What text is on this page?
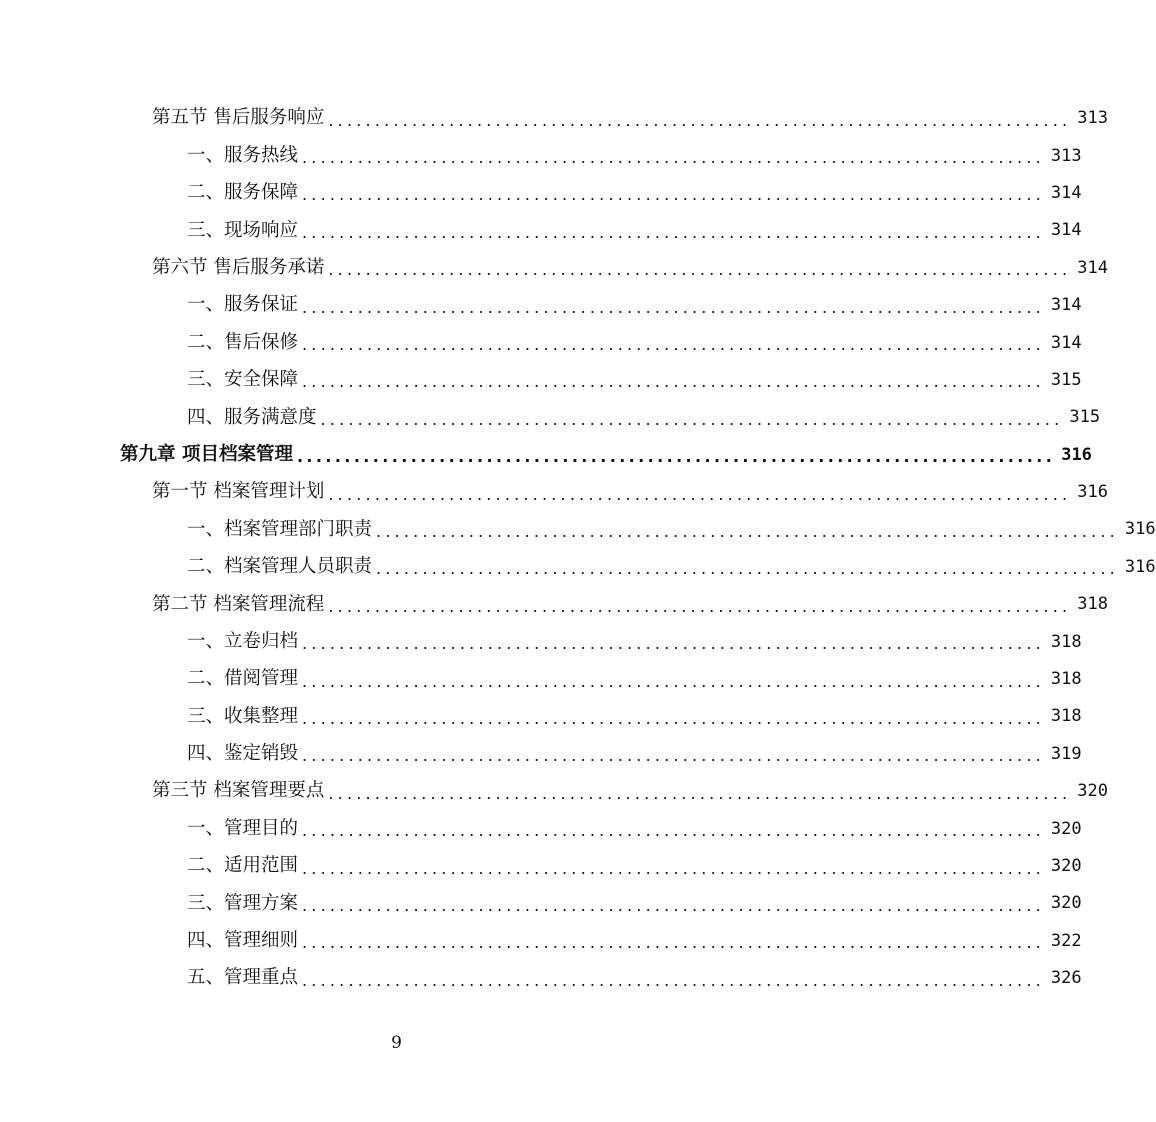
第五节 售后服务响应 ................................................................................ 313
一、服务热线 ................................................................................ 313
二、服务保障 ................................................................................ 314
三、现场响应 ................................................................................ 314
第六节 售后服务承诺 ................................................................................ 314
一、服务保证 ................................................................................ 314
二、售后保修 ................................................................................ 314
三、安全保障 ................................................................................ 315
四、服务满意度 ................................................................................ 315
第九章 项目档案管理 ................................................................................ 316
第一节 档案管理计划 ................................................................................ 316
一、档案管理部门职责 ................................................................................ 316
二、档案管理人员职责 ................................................................................ 316
第二节 档案管理流程 ................................................................................ 318
一、立卷归档 ................................................................................ 318
二、借阅管理 ................................................................................ 318
三、收集整理 ................................................................................ 318
四、鉴定销毁 ................................................................................ 319
第三节 档案管理要点 ................................................................................ 320
一、管理目的 ................................................................................ 320
二、适用范围 ................................................................................ 320
三、管理方案 ................................................................................ 320
四、管理细则 ................................................................................ 322
五、管理重点 ................................................................................ 326
9
